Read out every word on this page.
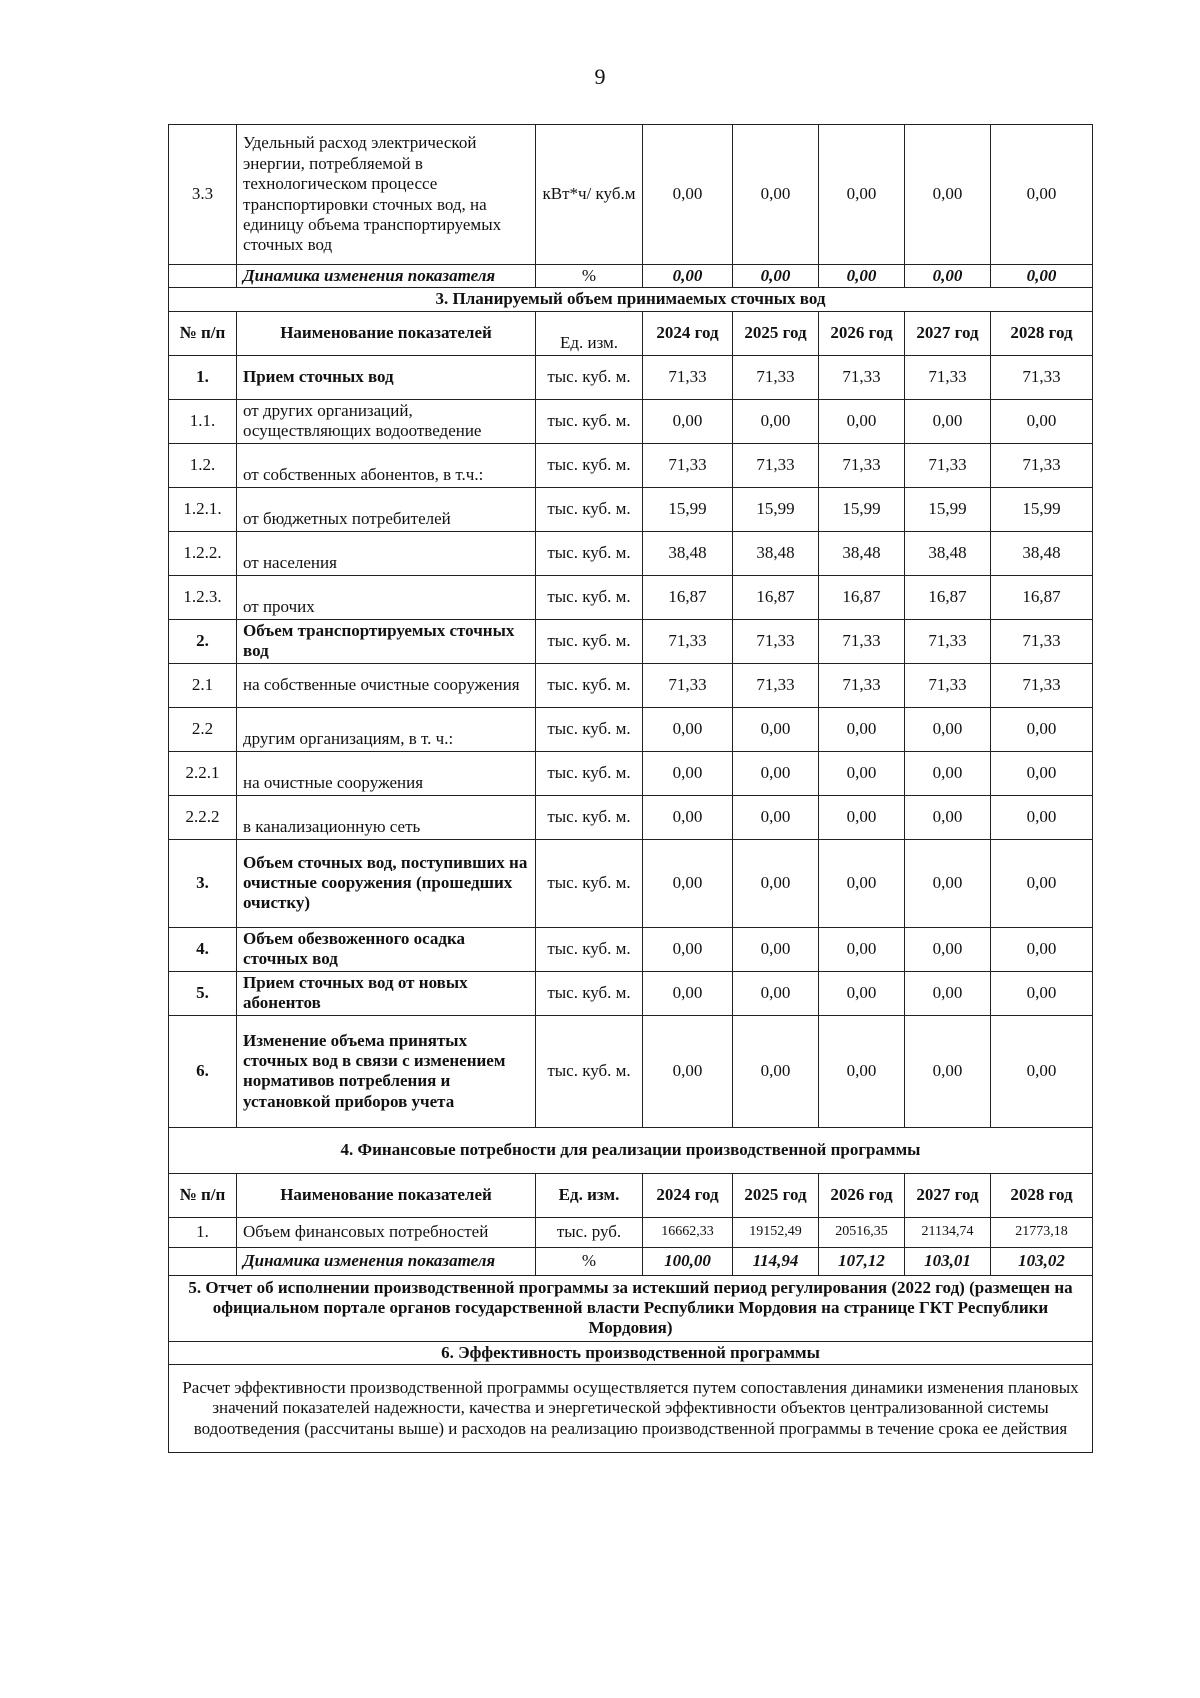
9
3.3	Удельный расход электрической энергии, потребляемой в технологическом процессе транспортировки сточных вод, на единицу объема транспортируемых сточных вод	кВт*ч/ куб.м	0,00	0,00	0,00	0,00	0,00
	Динамика изменения показателя	%	0,00	0,00	0,00	0,00	0,00
3. Планируемый объем принимаемых сточных вод							
№ п/п	Наименование показателей	Ед. изм.	2024 год	2025 год	2026 год	2027 год	2028 год
1.	Прием сточных вод	тыс. куб. м.	71,33	71,33	71,33	71,33	71,33
1.1.	от других организаций, осуществляющих водоотведение	тыс. куб. м.	0,00	0,00	0,00	0,00	0,00
1.2.	от собственных абонентов, в т.ч.:	тыс. куб. м.	71,33	71,33	71,33	71,33	71,33
1.2.1.	от бюджетных потребителей	тыс. куб. м.	15,99	15,99	15,99	15,99	15,99
1.2.2.	от населения	тыс. куб. м.	38,48	38,48	38,48	38,48	38,48
1.2.3.	от прочих	тыс. куб. м.	16,87	16,87	16,87	16,87	16,87
2.	Объем транспортируемых сточных вод	тыс. куб. м.	71,33	71,33	71,33	71,33	71,33
2.1	на собственные очистные сооружения	тыс. куб. м.	71,33	71,33	71,33	71,33	71,33
2.2	другим организациям, в т. ч.:	тыс. куб. м.	0,00	0,00	0,00	0,00	0,00
2.2.1	на очистные сооружения	тыс. куб. м.	0,00	0,00	0,00	0,00	0,00
2.2.2	в канализационную сеть	тыс. куб. м.	0,00	0,00	0,00	0,00	0,00
3.	Объем сточных вод, поступивших на очистные сооружения (прошедших очистку)	тыс. куб. м.	0,00	0,00	0,00	0,00	0,00
4.	Объем обезвоженного осадка сточных вод	тыс. куб. м.	0,00	0,00	0,00	0,00	0,00
5.	Прием сточных вод от новых абонентов	тыс. куб. м.	0,00	0,00	0,00	0,00	0,00
6.	Изменение объема принятых сточных вод в связи с изменением нормативов потребления и установкой приборов учета	тыс. куб. м.	0,00	0,00	0,00	0,00	0,00
4. Финансовые потребности для реализации производственной программы							
№ п/п	Наименование показателей	Ед. изм.	2024 год	2025 год	2026 год	2027 год	2028 год
1.	Объем финансовых потребностей	тыс. руб.	16662,33	19152,49	20516,35	21134,74	21773,18
	Динамика изменения показателя	%	100,00	114,94	107,12	103,01	103,02
5. Отчет об исполнении производственной программы за истекший период регулирования (2022 год) (размещен на официальном портале органов государственной власти Республики Мордовия на странице ГКТ Республики Мордовия)							
6. Эффективность производственной программы							
Расчет эффективности производственной программы осуществляется путем сопоставления динамики изменения плановых значений показателей надежности, качества и энергетической эффективности объектов централизованной системы водоотведения (рассчитаны выше) и расходов на реализацию производственной программы в течение срока ее действия							
